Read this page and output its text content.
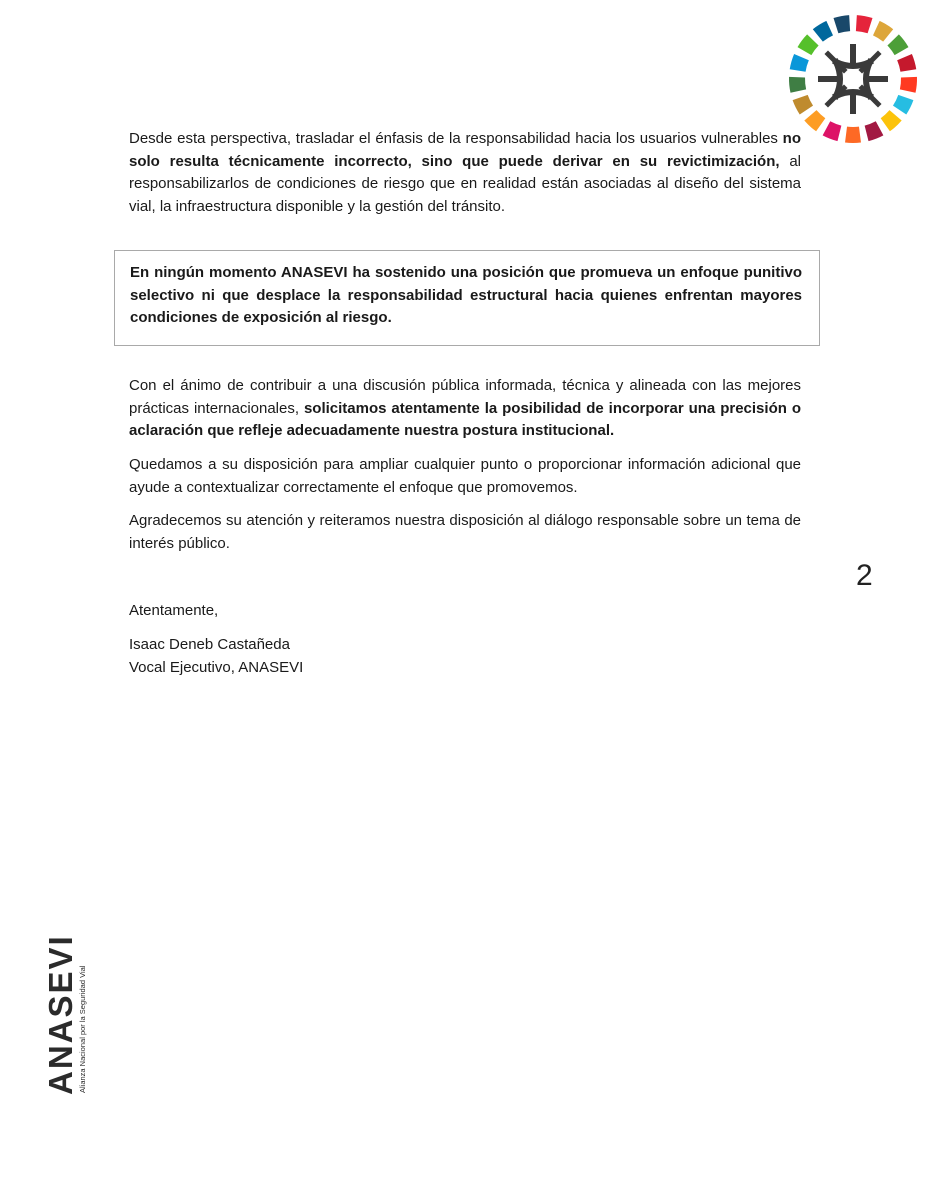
Desde esta perspectiva, trasladar el énfasis de la responsabilidad hacia los usuarios vulnerables no solo resulta técnicamente incorrecto, sino que puede derivar en su revictimización, al responsabilizarlos de condiciones de riesgo que en realidad están asociadas al diseño del sistema vial, la infraestructura disponible y la gestión del tránsito.

En ningún momento ANASEVI ha sostenido una posición que promueva un enfoque punitivo selectivo ni que desplace la responsabilidad estructural hacia quienes enfrentan mayores condiciones de exposición al riesgo.

Con el ánimo de contribuir a una discusión pública informada, técnica y alineada con las mejores prácticas internacionales, solicitamos atentamente la posibilidad de incorporar una precisión o aclaración que refleje adecuadamente nuestra postura institucional.

Quedamos a su disposición para ampliar cualquier punto o proporcionar información adicional que ayude a contextualizar correctamente el enfoque que promovemos.

Agradecemos su atención y reiteramos nuestra disposición al diálogo responsable sobre un tema de interés público.

2

Atentamente,

Isaac Deneb Castañeda

Vocal Ejecutivo, ANASEVI

ANASEVI Alianza Nacional por la Seguridad Vial
